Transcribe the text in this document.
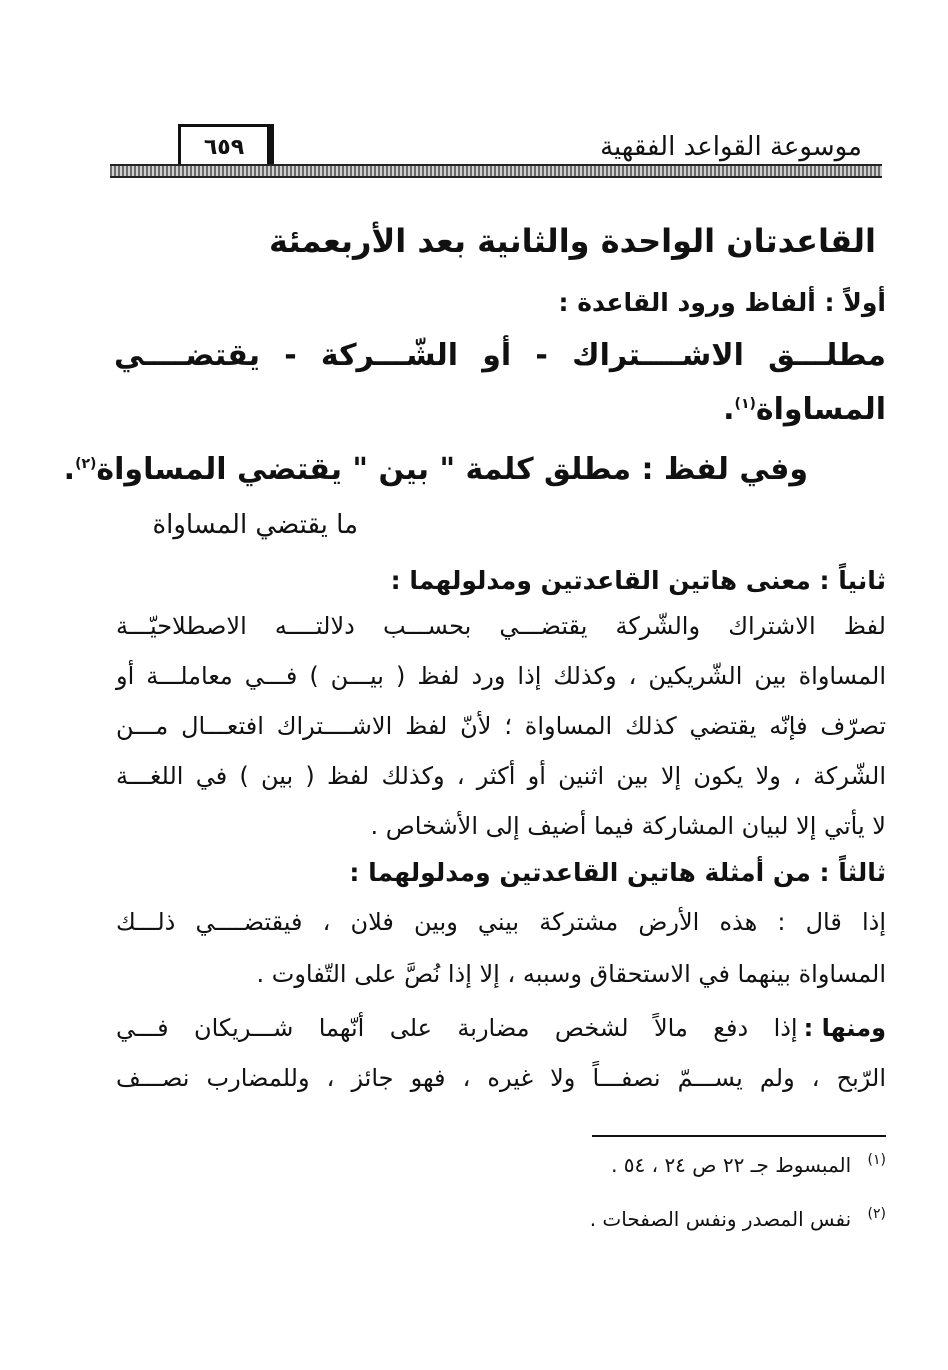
موسوعة القواعد الفقهية
٦٥٩
القاعدتان الواحدة والثانية بعد الأربعمئة
أولاً : ألفاظ ورود القاعدة :
مطلـــق الاشــــتراك - أو الشّـــركة - يقتضــــي
المساواة$^{(١)}$.
وفي لفظ : مطلق كلمة " بين " يقتضي المساواة$^{(٢)}$.
ما يقتضي المساواة
ثانياً : معنى هاتين القاعدتين ومدلولهما :
لفظ الاشتراك والشّركة يقتضـــي بحســـب دلالتــــه الاصطلاحيّـــة
المساواة بين الشّريكين ، وكذلك إذا ورد لفظ ( بيـــن ) فـــي معاملـــة أو
تصرّف فإنّه يقتضي كذلك المساواة ؛ لأنّ لفظ الاشــــتراك افتعـــال مـــن
الشّركة ، ولا يكون إلا بين اثنين أو أكثر ، وكذلك لفظ ( بين ) في اللغـــة
لا يأتي إلا لبيان المشاركة فيما أضيف إلى الأشخاص .
ثالثاً : من أمثلة هاتين القاعدتين ومدلولهما :
إذا قال : هذه الأرض مشتركة بيني وبين فلان ، فيقتضــــي ذلـــك
المساواة بينهما في الاستحقاق وسببه ، إلا إذا نُصَّ على التّفاوت .
ومنها :
إذا دفع مالاً لشخص مضاربة على أنّهما شـــريكان فـــي
الرّبح ، ولم يســـمّ نصفـــاً ولا غيره ، فهو جائز ، وللمضارب نصـــف
$^{(١)}$ المبسوط جـ ٢٢ ص ٢٤ ، ٥٤ .
$^{(٢)}$ نفس المصدر ونفس الصفحات .
